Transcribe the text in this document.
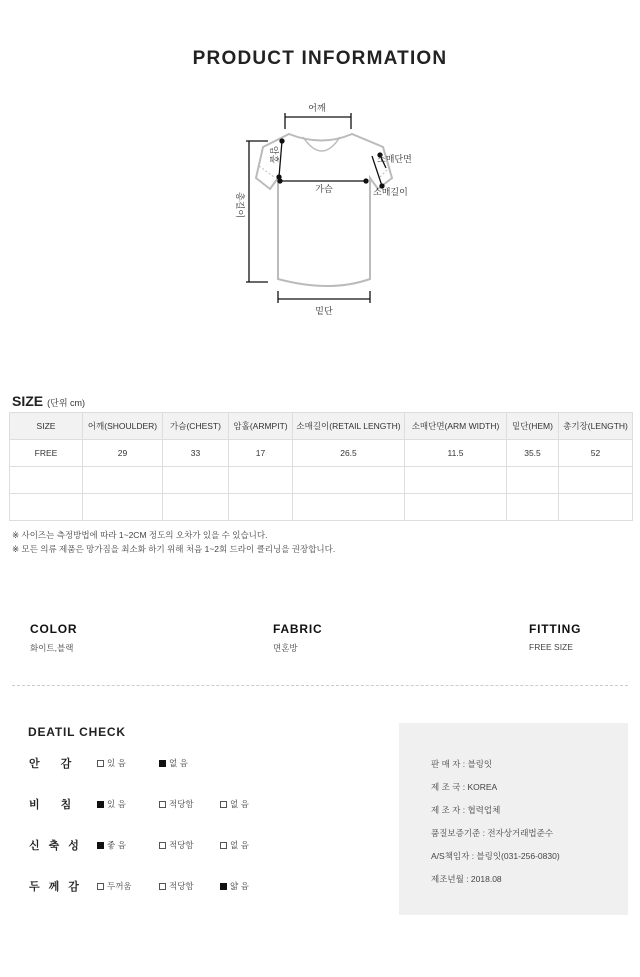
PRODUCT INFORMATION
어깨
암홀	소매단면
가슴	소매길이
총길이
밑단
SIZE (단위 cm)
SIZE	어깨(SHOULDER)	가슴(CHEST)	암홀(ARMPIT)	소매길이(RETAIL LENGTH)	소매단면(ARM WIDTH)	밑단(HEM)	총기장(LENGTH)
FREE	29	33	17	26.5	11.5	35.5	52

※ 사이즈는 측정방법에 따라 1~2CM 정도의 오차가 있을 수 있습니다.
※ 모든 의류 제품은 망가짐을 최소화 하기 위해 처음 1~2회 드라이 클리닝을 권장합니다.
COLOR
화이트,블랙
FABRIC
면혼방
FITTING
FREE SIZE
DEATIL CHECK
안 감	있 음	없 음
비 침	있 음	적당함	없 음
신축성 좋 음	적당함	없 음
두께감 두꺼움	적당함	얇 음
판 매 자 : 블링잇
제 조 국 : KOREA
제 조 자 : 협력업체
품질보증기준 : 전자상거래법준수
A/S책임자 : 블링잇(031-256-0830)
제조년월 : 2018.08
